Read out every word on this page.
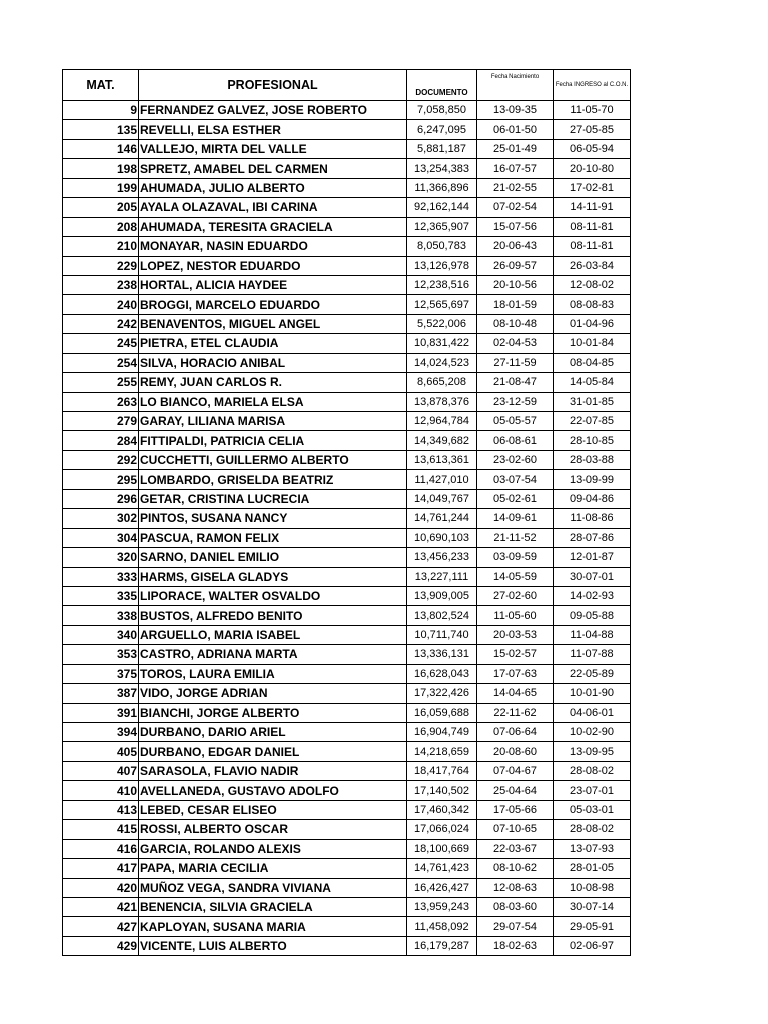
MAT.	PROFESIONAL	DOCUMENTO	Fecha Nacimiento	Fecha INGRESO al C.O.N.
9	FERNANDEZ GALVEZ, JOSE ROBERTO	7,058,850	13-09-35	11-05-70
135	REVELLI, ELSA ESTHER	6,247,095	06-01-50	27-05-85
146	VALLEJO, MIRTA DEL VALLE	5,881,187	25-01-49	06-05-94
198	SPRETZ, AMABEL DEL CARMEN	13,254,383	16-07-57	20-10-80
199	AHUMADA, JULIO ALBERTO	11,366,896	21-02-55	17-02-81
205	AYALA OLAZAVAL, IBI CARINA	92,162,144	07-02-54	14-11-91
208	AHUMADA, TERESITA GRACIELA	12,365,907	15-07-56	08-11-81
210	MONAYAR, NASIN EDUARDO	8,050,783	20-06-43	08-11-81
229	LOPEZ, NESTOR EDUARDO	13,126,978	26-09-57	26-03-84
238	HORTAL, ALICIA HAYDEE	12,238,516	20-10-56	12-08-02
240	BROGGI, MARCELO EDUARDO	12,565,697	18-01-59	08-08-83
242	BENAVENTOS, MIGUEL ANGEL	5,522,006	08-10-48	01-04-96
245	PIETRA, ETEL CLAUDIA	10,831,422	02-04-53	10-01-84
254	SILVA, HORACIO ANIBAL	14,024,523	27-11-59	08-04-85
255	REMY, JUAN CARLOS R.	8,665,208	21-08-47	14-05-84
263	LO BIANCO, MARIELA ELSA	13,878,376	23-12-59	31-01-85
279	GARAY, LILIANA MARISA	12,964,784	05-05-57	22-07-85
284	FITTIPALDI, PATRICIA CELIA	14,349,682	06-08-61	28-10-85
292	CUCCHETTI, GUILLERMO ALBERTO	13,613,361	23-02-60	28-03-88
295	LOMBARDO, GRISELDA BEATRIZ	11,427,010	03-07-54	13-09-99
296	GETAR, CRISTINA LUCRECIA	14,049,767	05-02-61	09-04-86
302	PINTOS, SUSANA NANCY	14,761,244	14-09-61	11-08-86
304	PASCUA, RAMON FELIX	10,690,103	21-11-52	28-07-86
320	SARNO, DANIEL EMILIO	13,456,233	03-09-59	12-01-87
333	HARMS, GISELA GLADYS	13,227,111	14-05-59	30-07-01
335	LIPORACE, WALTER OSVALDO	13,909,005	27-02-60	14-02-93
338	BUSTOS, ALFREDO BENITO	13,802,524	11-05-60	09-05-88
340	ARGUELLO, MARIA ISABEL	10,711,740	20-03-53	11-04-88
353	CASTRO, ADRIANA MARTA	13,336,131	15-02-57	11-07-88
375	TOROS, LAURA EMILIA	16,628,043	17-07-63	22-05-89
387	VIDO, JORGE ADRIAN	17,322,426	14-04-65	10-01-90
391	BIANCHI, JORGE ALBERTO	16,059,688	22-11-62	04-06-01
394	DURBANO, DARIO ARIEL	16,904,749	07-06-64	10-02-90
405	DURBANO, EDGAR DANIEL	14,218,659	20-08-60	13-09-95
407	SARASOLA, FLAVIO NADIR	18,417,764	07-04-67	28-08-02
410	AVELLANEDA, GUSTAVO ADOLFO	17,140,502	25-04-64	23-07-01
413	LEBED, CESAR ELISEO	17,460,342	17-05-66	05-03-01
415	ROSSI, ALBERTO OSCAR	17,066,024	07-10-65	28-08-02
416	GARCIA, ROLANDO ALEXIS	18,100,669	22-03-67	13-07-93
417	PAPA, MARIA CECILIA	14,761,423	08-10-62	28-01-05
420	MUÑOZ VEGA, SANDRA VIVIANA	16,426,427	12-08-63	10-08-98
421	BENENCIA, SILVIA GRACIELA	13,959,243	08-03-60	30-07-14
427	KAPLOYAN, SUSANA MARIA	11,458,092	29-07-54	29-05-91
429	VICENTE, LUIS ALBERTO	16,179,287	18-02-63	02-06-97
